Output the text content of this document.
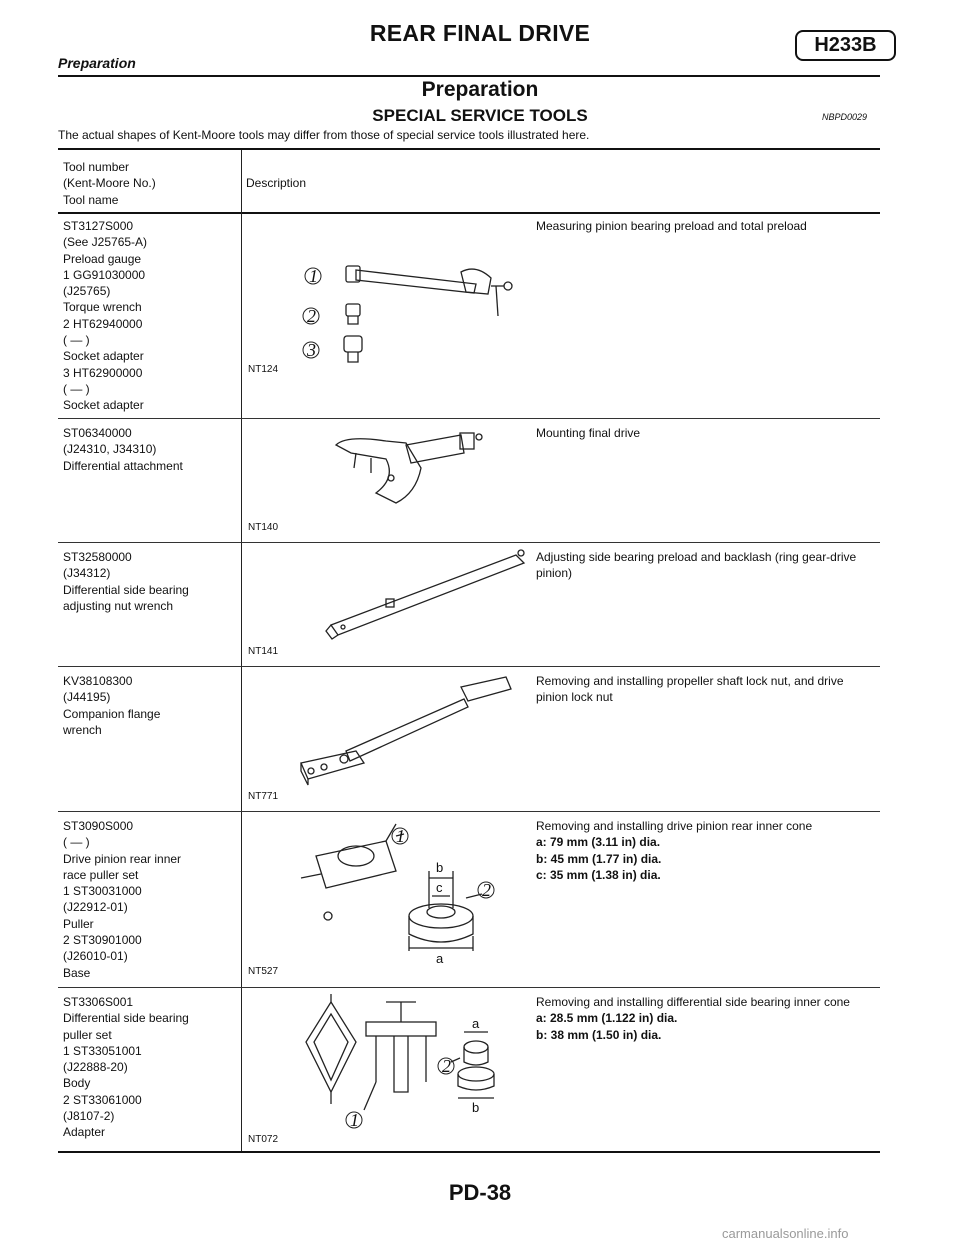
REAR FINAL DRIVE	H233B
Preparation
Preparation
SPECIAL SERVICE TOOLS	NBPD0029
The actual shapes of Kent-Moore tools may differ from those of special service tools illustrated here.
Tool number
(Kent-Moore No.)
Tool name
Description
ST3127S000
(See J25765-A)
Preload gauge
1 GG91030000
(J25765)
Torque wrench
2 HT62940000
( — )
Socket adapter
3 HT62900000
( — )
Socket adapter
1
2
3
NT124
Measuring pinion bearing preload and total preload
ST06340000
(J24310, J34310)
Differential attachment
NT140
Mounting final drive
ST32580000
(J34312)
Differential side bearing
adjusting nut wrench
NT141
Adjusting side bearing preload and backlash (ring gear-drive pinion)
KV38108300
(J44195)
Companion flange
wrench
NT771
Removing and installing propeller shaft lock nut, and drive pinion lock nut
ST3090S000
( — )
Drive pinion rear inner
race puller set
1 ST30031000
(J22912-01)
Puller
2 ST30901000
(J26010-01)
Base
1
2
a
b
c
NT527
Removing and installing drive pinion rear inner cone
a: 79 mm (3.11 in) dia.
b: 45 mm (1.77 in) dia.
c: 35 mm (1.38 in) dia.
ST3306S001
Differential side bearing
puller set
1 ST33051001
(J22888-20)
Body
2 ST33061000
(J8107-2)
Adapter
1
2
a
b
NT072
Removing and installing differential side bearing inner cone
a: 28.5 mm (1.122 in) dia.
b: 38 mm (1.50 in) dia.
PD-38
carmanualsonline.info
